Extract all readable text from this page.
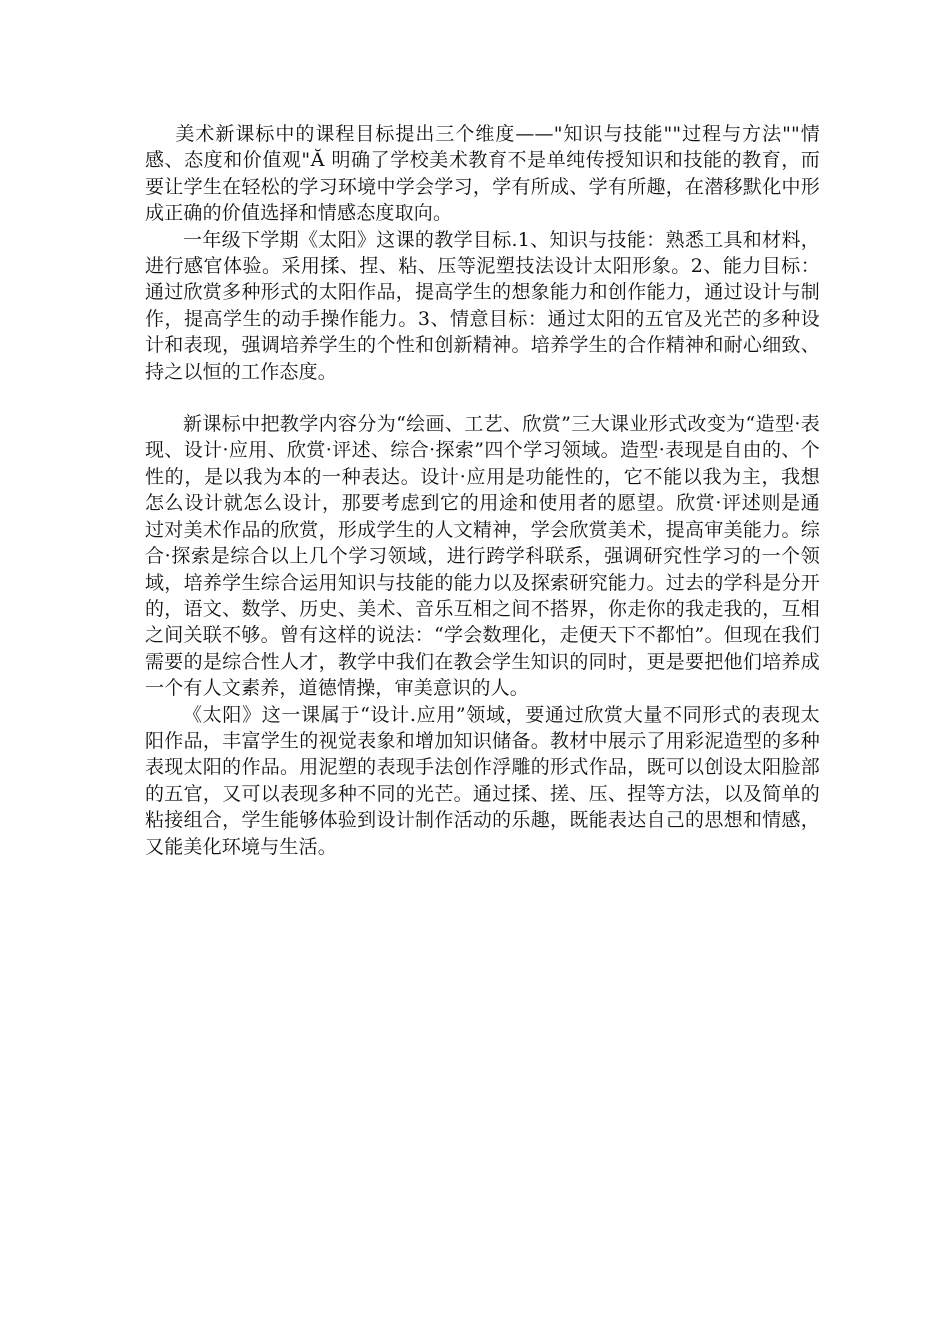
美术新课标中的课程目标提出三个维度——"知识与技能""过程与方法""情感、态度和价值观"Ӑ 明确了学校美术教育不是单纯传授知识和技能的教育，而要让学生在轻松的学习环境中学会学习，学有所成、学有所趣，在潜移默化中形成正确的价值选择和情感态度取向。

一年级下学期《太阳》这课的教学目标.1、知识与技能：熟悉工具和材料，进行感官体验。采用揉、捏、粘、压等泥塑技法设计太阳形象。2、能力目标：通过欣赏多种形式的太阳作品，提高学生的想象能力和创作能力，通过设计与制作，提高学生的动手操作能力。3、情意目标：通过太阳的五官及光芒的多种设计和表现，强调培养学生的个性和创新精神。培养学生的合作精神和耐心细致、持之以恒的工作态度。

新课标中把教学内容分为“绘画、工艺、欣赏”三大课业形式改变为“造型·表现、设计·应用、欣赏·评述、综合·探索”四个学习领域。造型·表现是自由的、个性的，是以我为本的一种表达。设计·应用是功能性的，它不能以我为主，我想怎么设计就怎么设计，那要考虑到它的用途和使用者的愿望。欣赏·评述则是通过对美术作品的欣赏，形成学生的人文精神，学会欣赏美术，提高审美能力。综合·探索是综合以上几个学习领域，进行跨学科联系，强调研究性学习的一个领域，培养学生综合运用知识与技能的能力以及探索研究能力。过去的学科是分开的，语文、数学、历史、美术、音乐互相之间不搭界，你走你的我走我的，互相之间关联不够。曾有这样的说法：“学会数理化，走便天下不都怕”。但现在我们需要的是综合性人才，教学中我们在教会学生知识的同时，更是要把他们培养成一个有人文素养，道德情操，审美意识的人。

《太阳》这一课属于“设计.应用”领域，要通过欣赏大量不同形式的表现太阳作品，丰富学生的视觉表象和增加知识储备。教材中展示了用彩泥造型的多种表现太阳的作品。用泥塑的表现手法创作浮雕的形式作品，既可以创设太阳脸部的五官，又可以表现多种不同的光芒。通过揉、搓、压、捏等方法，以及简单的粘接组合，学生能够体验到设计制作活动的乐趣，既能表达自己的思想和情感，又能美化环境与生活。
